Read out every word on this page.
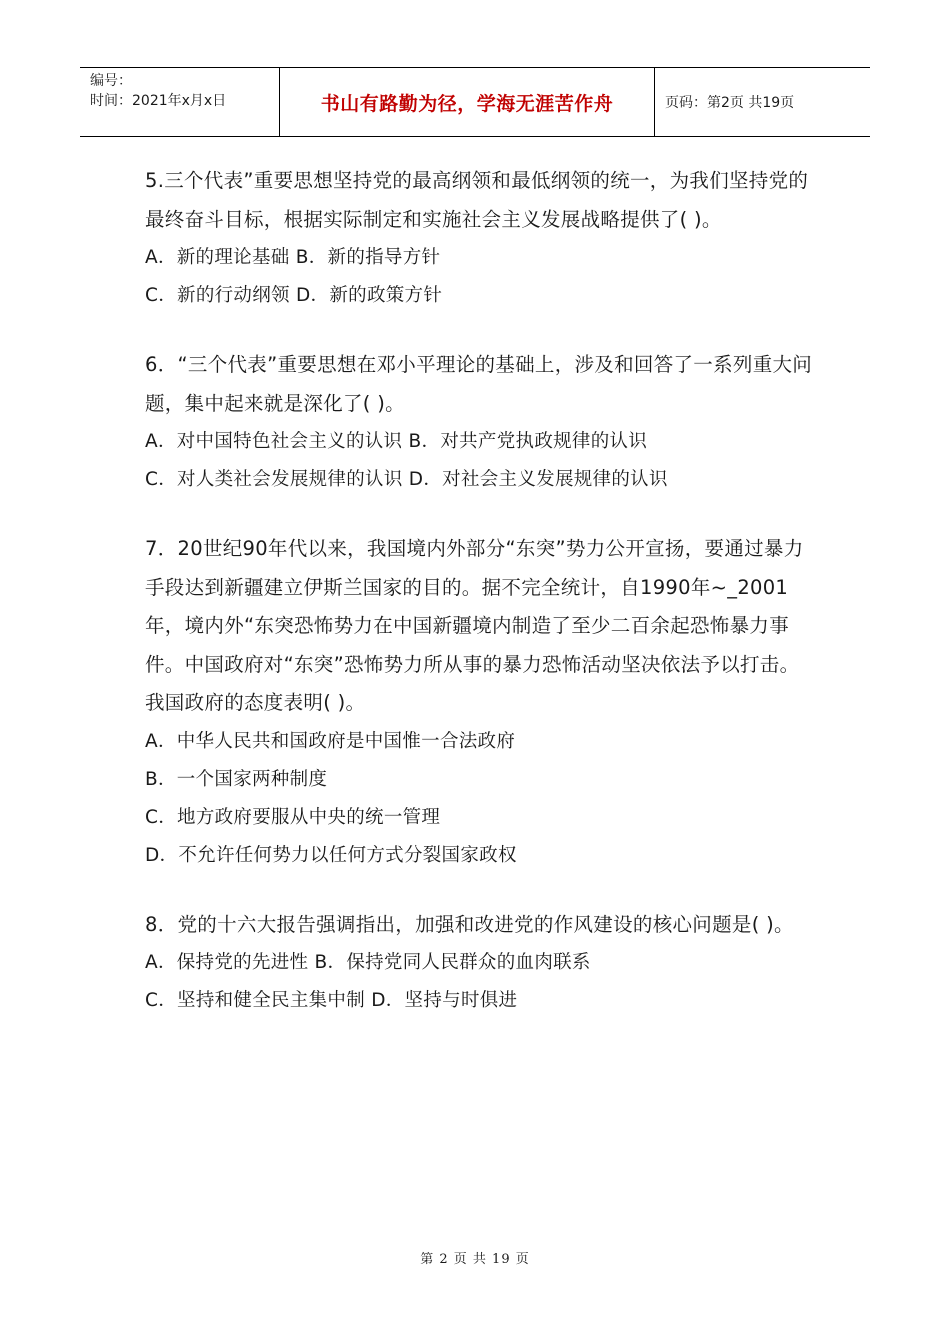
编号：
时间：2021年x月x日	书山有路勤为径，学海无涯苦作舟	页码：第2页 共19页

5.三个代表”重要思想坚持党的最高纲领和最低纲领的统一，为我们坚持党的最终奋斗目标，根据实际制定和实施社会主义发展战略提供了( )。

A．新的理论基础 B．新的指导方针

C．新的行动纲领 D．新的政策方针

6．“三个代表”重要思想在邓小平理论的基础上，涉及和回答了一系列重大问题，集中起来就是深化了( )。

A．对中国特色社会主义的认识 B．对共产党执政规律的认识

C．对人类社会发展规律的认识 D．对社会主义发展规律的认识

7．20世纪90年代以来，我国境内外部分“东突”势力公开宣扬，要通过暴力手段达到新疆建立伊斯兰国家的目的。据不完全统计，自1990年~_2001年，境内外“东突恐怖势力在中国新疆境内制造了至少二百余起恐怖暴力事件。中国政府对“东突”恐怖势力所从事的暴力恐怖活动坚决依法予以打击。我国政府的态度表明( )。

A．中华人民共和国政府是中国惟一合法政府

B．一个国家两种制度

C．地方政府要服从中央的统一管理

D．不允许任何势力以任何方式分裂国家政权

8．党的十六大报告强调指出，加强和改进党的作风建设的核心问题是( )。

A．保持党的先进性 B．保持党同人民群众的血肉联系

C．坚持和健全民主集中制 D．坚持与时俱进

第 2 页 共 19 页
